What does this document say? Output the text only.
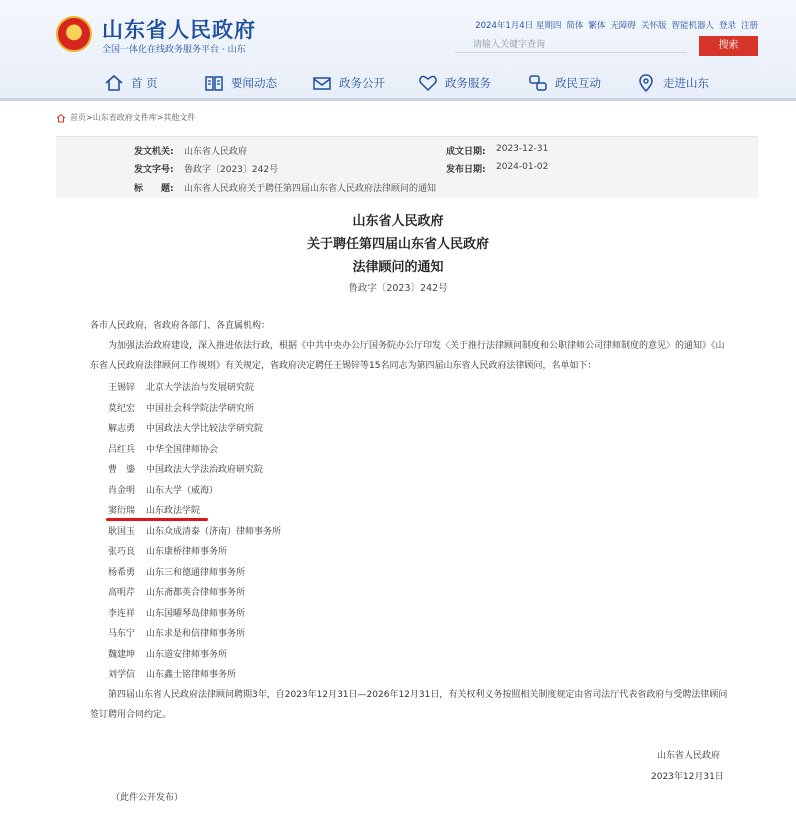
★ 山东省人民政府
全国一体化在线政务服务平台 · 山东
2024年1月4日 星期四 简体 繁体 无障碍 关怀版 智能机器人 登录 注册
请输入关键字查询
搜索
首 页	要闻动态	政务公开	政务服务	政民互动	走进山东
首页>山东省政府文件库>其他文件
发文机关: 山东省人民政府
发文字号: 鲁政字〔2023〕242号
标　　题: 山东省人民政府关于聘任第四届山东省人民政府法律顾问的通知
成文日期: 2023-12-31
发布日期: 2024-01-02
山东省人民政府
关于聘任第四届山东省人民政府
法律顾问的通知
鲁政字〔2023〕242号
各市人民政府，省政府各部门、各直属机构：
　　为加强法治政府建设，深入推进依法行政，根据《中共中央办公厅国务院办公厅印发〈关于推行法律顾问制度和公职律师公司律师制度的意见〉的通知》《山东省人民政府法律顾问工作规则》有关规定，省政府决定聘任王锡锌等15名同志为第四届山东省人民政府法律顾问，名单如下：
王锡锌 北京大学法治与发展研究院
莫纪宏 中国社会科学院法学研究所
解志勇 中国政法大学比较法学研究院
吕红兵 中华全国律师协会
曹　鎏 中国政法大学法治政府研究院
肖金明 山东大学（威海）
窦衍瑞 山东政法学院
耿国玉 山东众成清泰（济南）律师事务所
张巧良 山东康桥律师事务所
杨希勇 山东三和德通律师事务所
高明芹 山东斋都英合律师事务所
李连祥 山东国曜琴岛律师事务所
马东宁 山东求是和信律师事务所
魏建坤 山东道安律师事务所
刘学信 山东鑫士铭律师事务所
　　第四届山东省人民政府法律顾问聘期3年，自2023年12月31日—2026年12月31日，有关权利义务按照相关制度规定由省司法厅代表省政府与受聘法律顾问签订聘用合同约定。
山东省人民政府
2023年12月31日
（此件公开发布）
